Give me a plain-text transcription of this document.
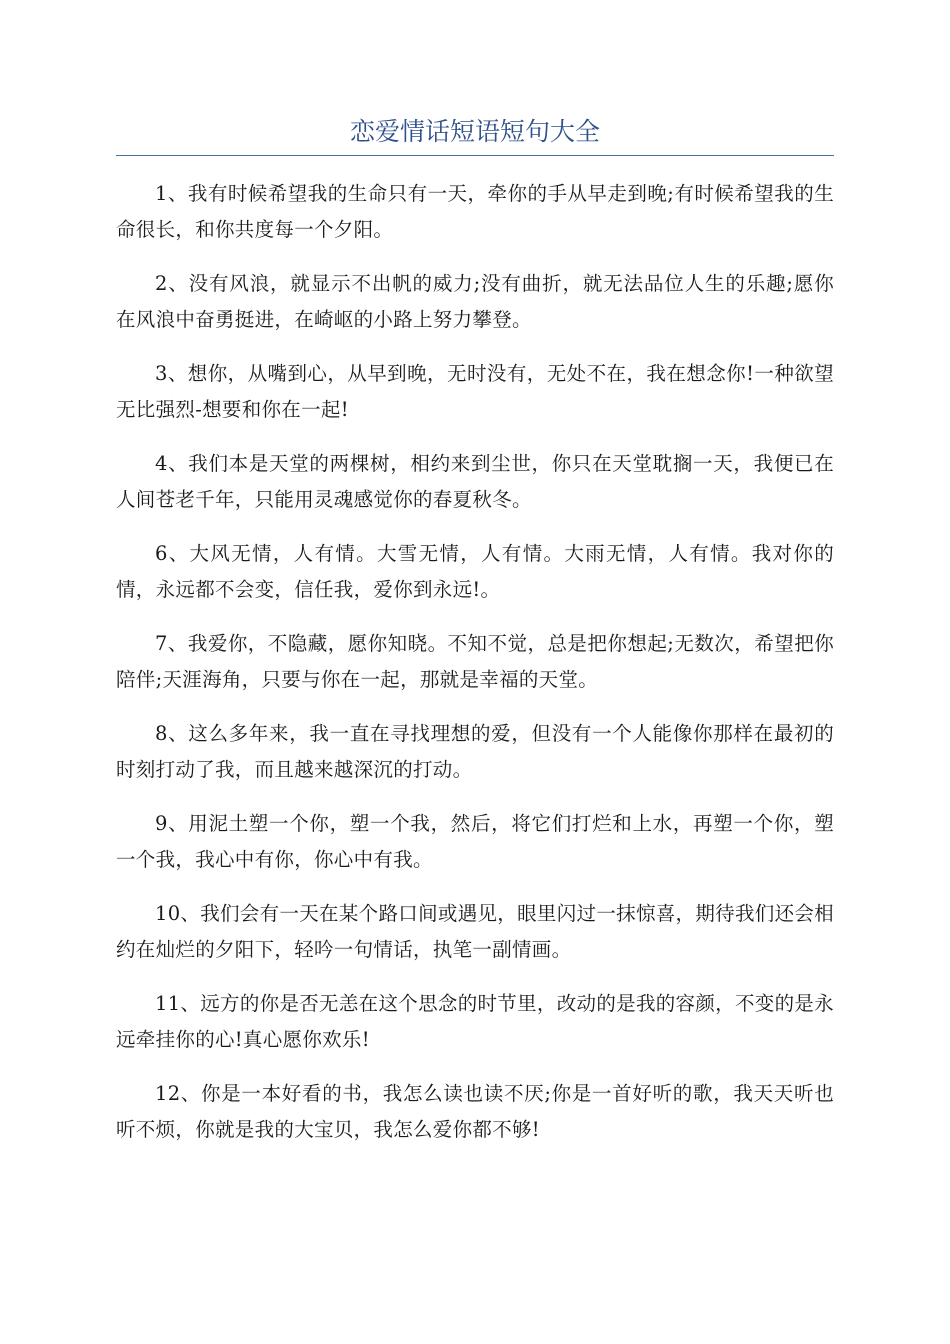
恋爱情话短语短句大全

1、我有时候希望我的生命只有一天，牵你的手从早走到晚;有时候希望我的生命很长，和你共度每一个夕阳。

2、没有风浪，就显示不出帆的威力;没有曲折，就无法品位人生的乐趣;愿你在风浪中奋勇挺进，在崎岖的小路上努力攀登。

3、想你，从嘴到心，从早到晚，无时没有，无处不在，我在想念你!一种欲望无比强烈-想要和你在一起!

4、我们本是天堂的两棵树，相约来到尘世，你只在天堂耽搁一天，我便已在人间苍老千年，只能用灵魂感觉你的春夏秋冬。

6、大风无情，人有情。大雪无情，人有情。大雨无情，人有情。我对你的情，永远都不会变，信任我，爱你到永远!。

7、我爱你，不隐藏，愿你知晓。不知不觉，总是把你想起;无数次，希望把你陪伴;天涯海角，只要与你在一起，那就是幸福的天堂。

8、这么多年来，我一直在寻找理想的爱，但没有一个人能像你那样在最初的时刻打动了我，而且越来越深沉的打动。

9、用泥土塑一个你，塑一个我，然后，将它们打烂和上水，再塑一个你，塑一个我，我心中有你，你心中有我。

10、我们会有一天在某个路口间或遇见，眼里闪过一抹惊喜，期待我们还会相约在灿烂的夕阳下，轻吟一句情话，执笔一副情画。

11、远方的你是否无恙在这个思念的时节里，改动的是我的容颜，不变的是永远牵挂你的心!真心愿你欢乐!

12、你是一本好看的书，我怎么读也读不厌;你是一首好听的歌，我天天听也听不烦，你就是我的大宝贝，我怎么爱你都不够!
